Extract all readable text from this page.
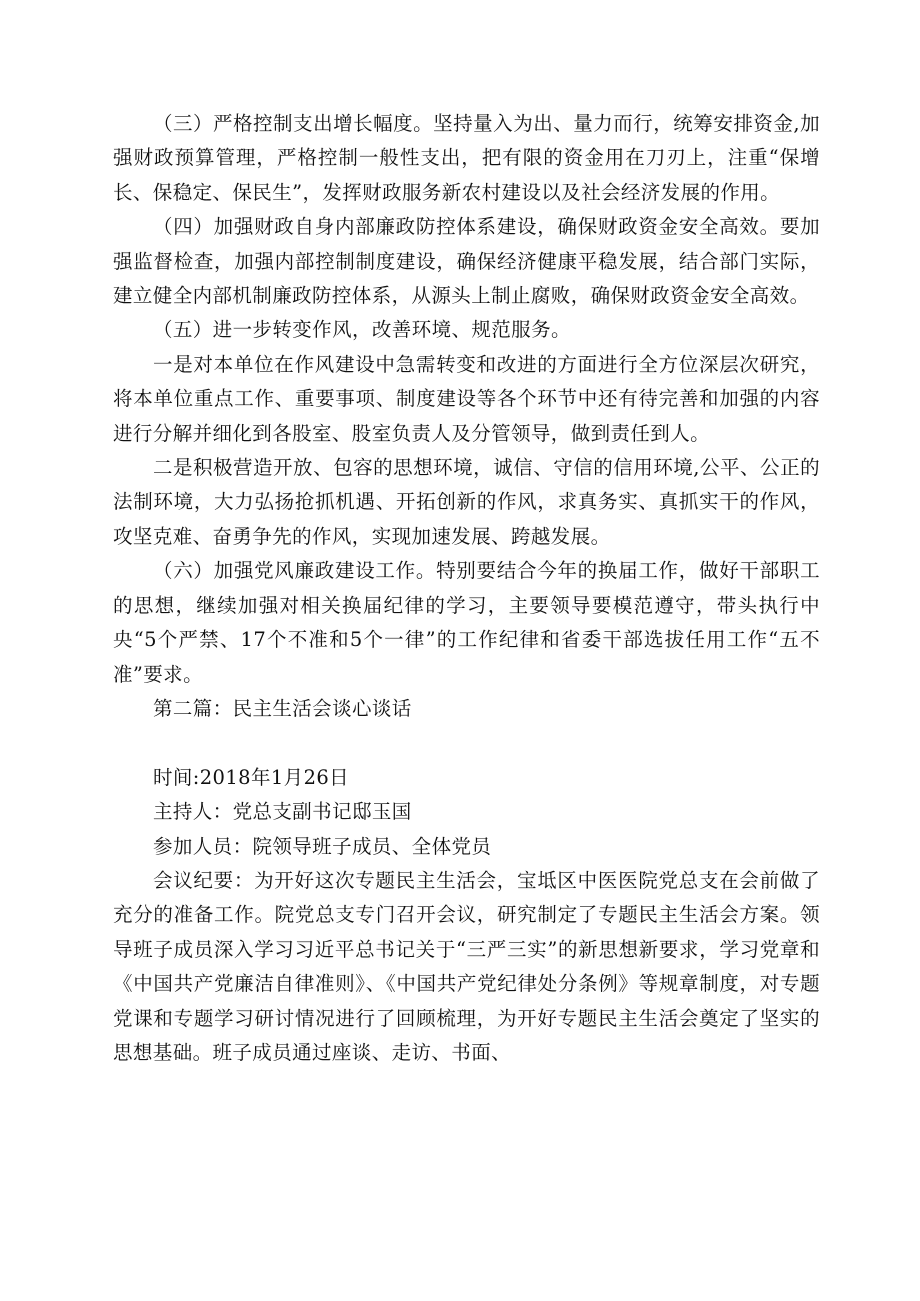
（三）严格控制支出增长幅度。坚持量入为出、量力而行，统筹安排资金,加强财政预算管理，严格控制一般性支出，把有限的资金用在刀刃上，注重“保增长、保稳定、保民生”，发挥财政服务新农村建设以及社会经济发展的作用。

（四）加强财政自身内部廉政防控体系建设，确保财政资金安全高效。要加强监督检查，加强内部控制制度建设，确保经济健康平稳发展，结合部门实际，建立健全内部机制廉政防控体系，从源头上制止腐败，确保财政资金安全高效。

（五）进一步转变作风，改善环境、规范服务。

一是对本单位在作风建设中急需转变和改进的方面进行全方位深层次研究，将本单位重点工作、重要事项、制度建设等各个环节中还有待完善和加强的内容进行分解并细化到各股室、股室负责人及分管领导，做到责任到人。

二是积极营造开放、包容的思想环境，诚信、守信的信用环境,公平、公正的法制环境，大力弘扬抢抓机遇、开拓创新的作风，求真务实、真抓实干的作风，攻坚克难、奋勇争先的作风，实现加速发展、跨越发展。

（六）加强党风廉政建设工作。特别要结合今年的换届工作，做好干部职工的思想，继续加强对相关换届纪律的学习，主要领导要模范遵守，带头执行中央“5个严禁、17个不准和5个一律”的工作纪律和省委干部选拔任用工作“五不准”要求。

第二篇：民主生活会谈心谈话

时间:2018年1月26日

主持人：党总支副书记邸玉国

参加人员：院领导班子成员、全体党员

会议纪要：为开好这次专题民主生活会，宝坻区中医医院党总支在会前做了充分的准备工作。院党总支专门召开会议，研究制定了专题民主生活会方案。领导班子成员深入学习习近平总书记关于“三严三实”的新思想新要求，学习党章和《中国共产党廉洁自律准则》、《中国共产党纪律处分条例》等规章制度，对专题党课和专题学习研讨情况进行了回顾梳理，为开好专题民主生活会奠定了坚实的思想基础。班子成员通过座谈、走访、书面、
